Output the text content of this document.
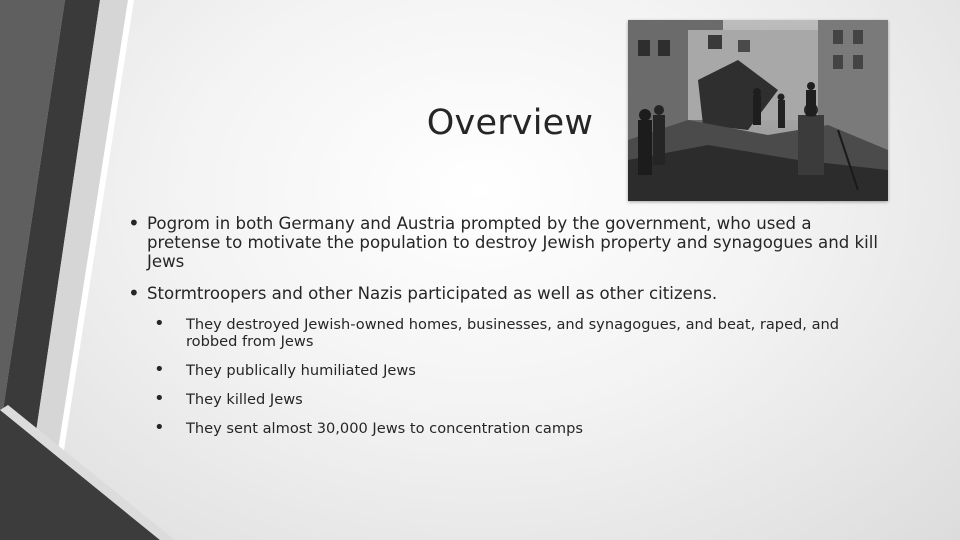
Overview
• Pogrom in both Germany and Austria prompted by the government, who used a pretense to motivate the population to destroy Jewish property and synagogues and kill Jews
• Stormtroopers and other Nazis participated as well as other citizens.
• They destroyed Jewish-owned homes, businesses, and synagogues, and beat, raped, and robbed from Jews
• They publically humiliated Jews
• They killed Jews
• They sent almost 30,000 Jews to concentration camps
